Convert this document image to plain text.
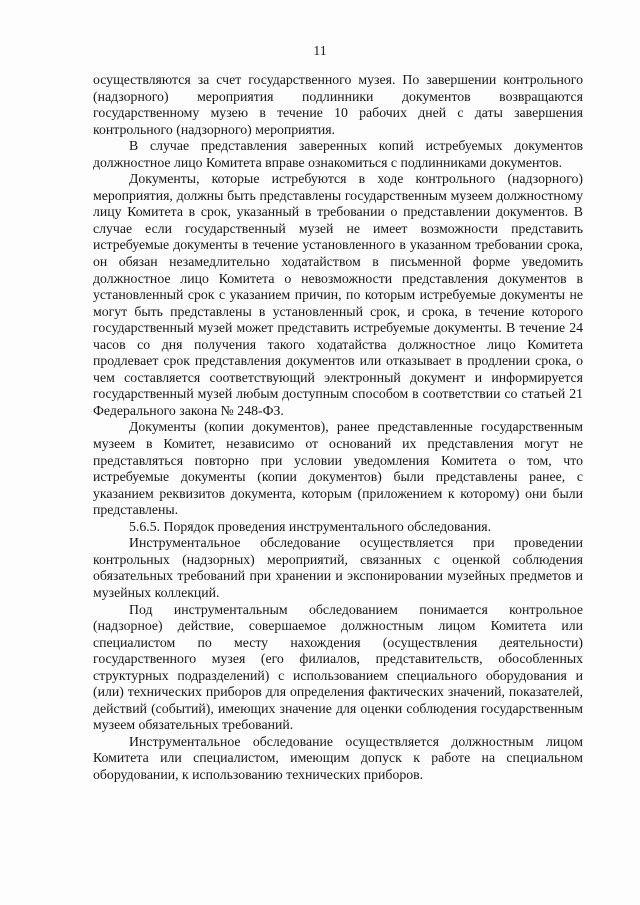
11

осуществляются за счет государственного музея. По завершении контрольного (надзорного) мероприятия подлинники документов возвращаются государственному музею в течение 10 рабочих дней с даты завершения контрольного (надзорного) мероприятия.

В случае представления заверенных копий истребуемых документов должностное лицо Комитета вправе ознакомиться с подлинниками документов.

Документы, которые истребуются в ходе контрольного (надзорного) мероприятия, должны быть представлены государственным музеем должностному лицу Комитета в срок, указанный в требовании о представлении документов. В случае если государственный музей не имеет возможности представить истребуемые документы в течение установленного в указанном требовании срока, он обязан незамедлительно ходатайством в письменной форме уведомить должностное лицо Комитета о невозможности представления документов в установленный срок с указанием причин, по которым истребуемые документы не могут быть представлены в установленный срок, и срока, в течение которого государственный музей может представить истребуемые документы. В течение 24 часов со дня получения такого ходатайства должностное лицо Комитета продлевает срок представления документов или отказывает в продлении срока, о чем составляется соответствующий электронный документ и информируется государственный музей любым доступным способом в соответствии со статьей 21 Федерального закона № 248-ФЗ.

Документы (копии документов), ранее представленные государственным музеем в Комитет, независимо от оснований их представления могут не представляться повторно при условии уведомления Комитета о том, что истребуемые документы (копии документов) были представлены ранее, с указанием реквизитов документа, которым (приложением к которому) они были представлены.

5.6.5. Порядок проведения инструментального обследования.

Инструментальное обследование осуществляется при проведении контрольных (надзорных) мероприятий, связанных с оценкой соблюдения обязательных требований при хранении и экспонировании музейных предметов и музейных коллекций.

Под инструментальным обследованием понимается контрольное (надзорное) действие, совершаемое должностным лицом Комитета или специалистом по месту нахождения (осуществления деятельности) государственного музея (его филиалов, представительств, обособленных структурных подразделений) с использованием специального оборудования и (или) технических приборов для определения фактических значений, показателей, действий (событий), имеющих значение для оценки соблюдения государственным музеем обязательных требований.

Инструментальное обследование осуществляется должностным лицом Комитета или специалистом, имеющим допуск к работе на специальном оборудовании, к использованию технических приборов.
